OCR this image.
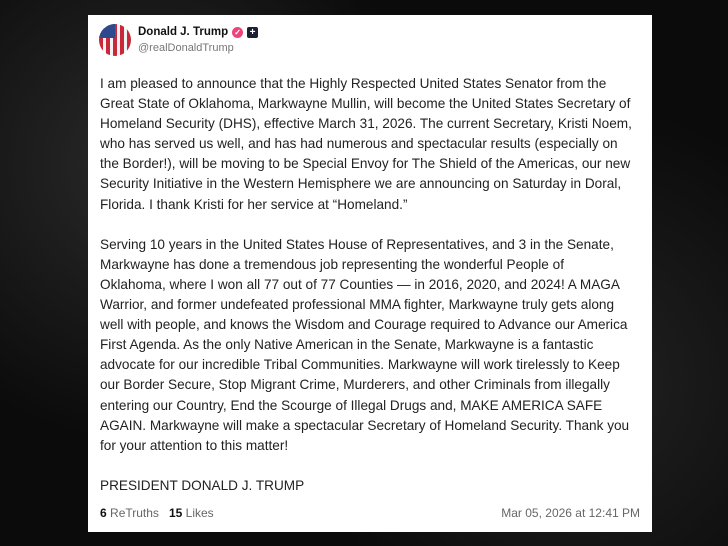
Donald J. Trump ✓ +
@realDonaldTrump
I am pleased to announce that the Highly Respected United States Senator from the
Great State of Oklahoma, Markwayne Mullin, will become the United States Secretary of
Homeland Security (DHS), effective March 31, 2026. The current Secretary, Kristi Noem,
who has served us well, and has had numerous and spectacular results (especially on
the Border!), will be moving to be Special Envoy for The Shield of the Americas, our new
Security Initiative in the Western Hemisphere we are announcing on Saturday in Doral,
Florida. I thank Kristi for her service at “Homeland.”
Serving 10 years in the United States House of Representatives, and 3 in the Senate,
Markwayne has done a tremendous job representing the wonderful People of
Oklahoma, where I won all 77 out of 77 Counties — in 2016, 2020, and 2024! A MAGA
Warrior, and former undefeated professional MMA fighter, Markwayne truly gets along
well with people, and knows the Wisdom and Courage required to Advance our America
First Agenda. As the only Native American in the Senate, Markwayne is a fantastic
advocate for our incredible Tribal Communities. Markwayne will work tirelessly to Keep
our Border Secure, Stop Migrant Crime, Murderers, and other Criminals from illegally
entering our Country, End the Scourge of Illegal Drugs and, MAKE AMERICA SAFE
AGAIN. Markwayne will make a spectacular Secretary of Homeland Security. Thank you
for your attention to this matter!
PRESIDENT DONALD J. TRUMP
6 ReTruths 15 Likes	Mar 05, 2026 at 12:41 PM
